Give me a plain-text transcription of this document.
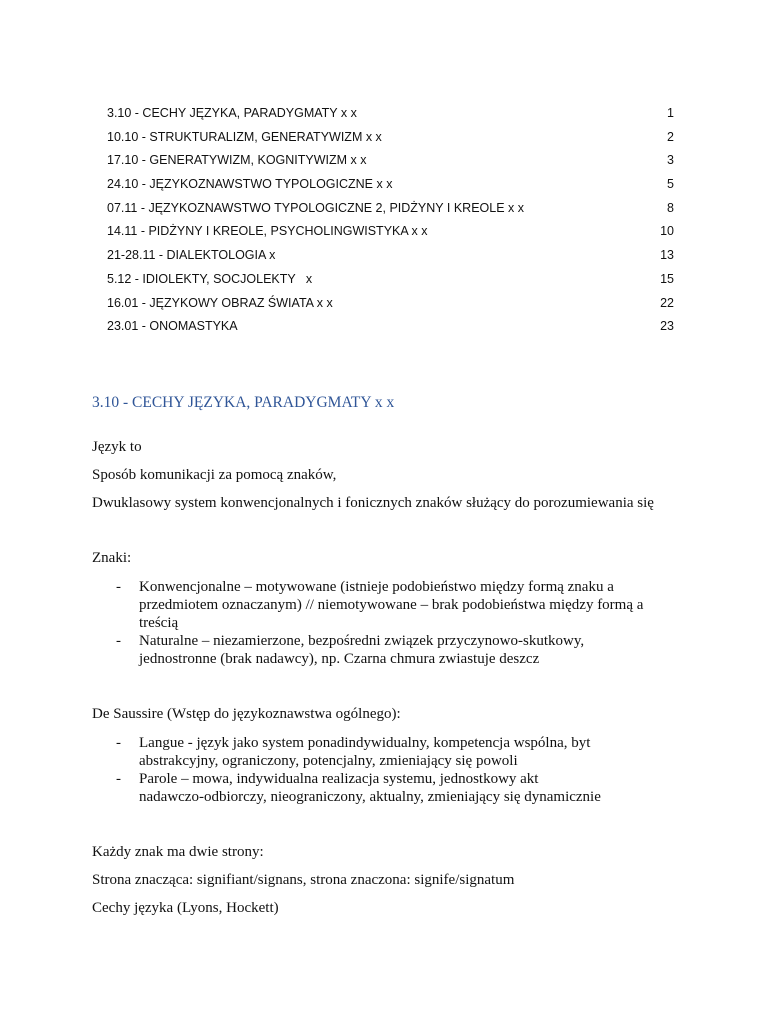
3.10 - CECHY JĘZYKA, PARADYGMATY x x	1
10.10 - STRUKTURALIZM, GENERATYWIZM x x	2
17.10 - GENERATYWIZM, KOGNITYWIZM x x	3
24.10 - JĘZYKOZNAWSTWO TYPOLOGICZNE x x	5
07.11 - JĘZYKOZNAWSTWO TYPOLOGICZNE 2, PIDŻYNY I KREOLE x x	8
14.11 - PIDŻYNY I KREOLE, PSYCHOLINGWISTYKA x x	10
21-28.11 - DIALEKTOLOGIA x	13
5.12 - IDIOLEKTY, SOCJOLEKTY   x	15
16.01 - JĘZYKOWY OBRAZ ŚWIATA x x	22
23.01 - ONOMASTYKA	23
3.10 - CECHY JĘZYKA, PARADYGMATY x x

Język to

Sposób komunikacji za pomocą znaków,

Dwuklasowy system konwencjonalnych i fonicznych znaków służący do porozumiewania się

Znaki:

- Konwencjonalne – motywowane (istnieje podobieństwo między formą znaku a
przedmiotem oznaczanym) // niemotywowane – brak podobieństwa między formą a
treścią
- Naturalne – niezamierzone, bezpośredni związek przyczynowo-skutkowy,
jednostronne (brak nadawcy), np. Czarna chmura zwiastuje deszcz

De Saussire (Wstęp do językoznawstwa ogólnego):

- Langue - język jako system ponadindywidualny, kompetencja wspólna, byt
abstrakcyjny, ograniczony, potencjalny, zmieniający się powoli
- Parole – mowa, indywidualna realizacja systemu, jednostkowy akt
nadawczo-odbiorczy, nieograniczony, aktualny, zmieniający się dynamicznie

Każdy znak ma dwie strony:

Strona znacząca: signifiant/signans, strona znaczona: signife/signatum

Cechy języka (Lyons, Hockett)
